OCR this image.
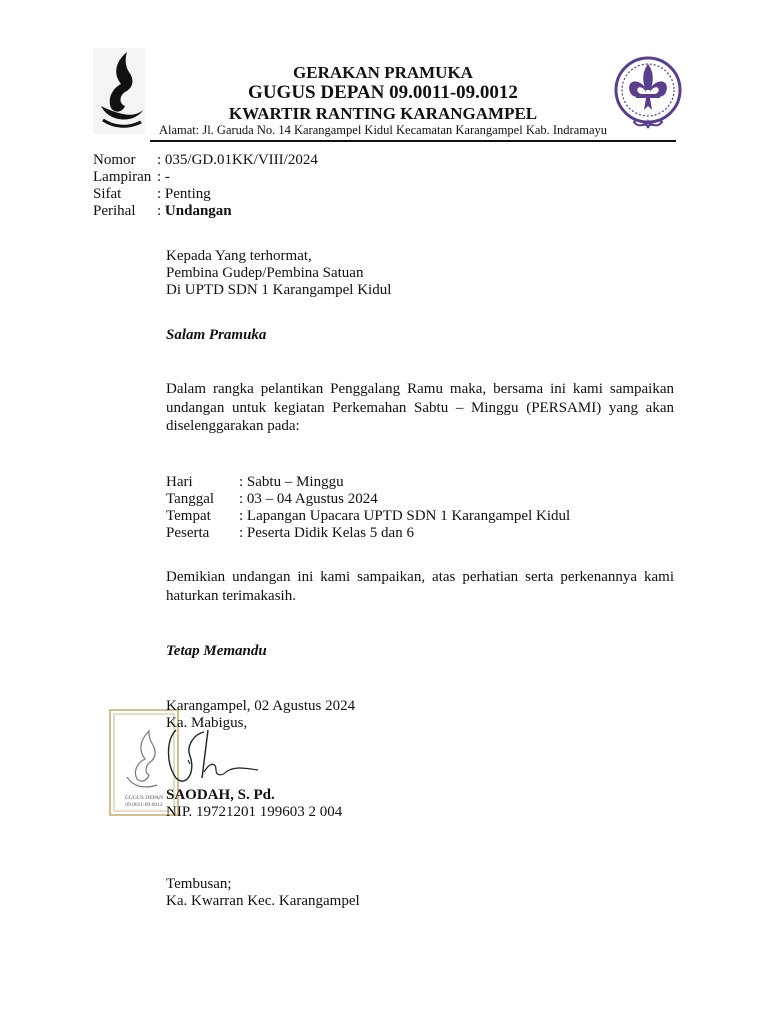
GERAKAN PRAMUKA
GUGUS DEPAN 09.0011-09.0012
KWARTIR RANTING KARANGAMPEL
Alamat: Jl. Garuda No. 14 Karangampel Kidul Kecamatan Karangampel Kab. Indramayu
Nomor : 035/GD.01KK/VIII/2024
Lampiran : -
Sifat : Penting
Perihal : Undangan
Kepada Yang terhormat,
Pembina Gudep/Pembina Satuan
Di UPTD SDN 1 Karangampel Kidul
Salam Pramuka
Dalam rangka pelantikan Penggalang Ramu maka, bersama ini kami sampaikan undangan untuk kegiatan Perkemahan Sabtu – Minggu (PERSAMI) yang akan diselenggarakan pada:
Hari	: Sabtu – Minggu
Tanggal : 03 – 04 Agustus 2024
Tempat : Lapangan Upacara UPTD SDN 1 Karangampel Kidul
Peserta : Peserta Didik Kelas 5 dan 6
Demikian undangan ini kami sampaikan, atas perhatian serta perkenannya kami haturkan terimakasih.
Tetap Memandu
GUGUS DEPAN
09.0011-09.0012
Karangampel, 02 Agustus 2024
Ka. Mabigus,
SAODAH, S. Pd.
NIP. 19721201 199603 2 004
Tembusan;
Ka. Kwarran Kec. Karangampel
